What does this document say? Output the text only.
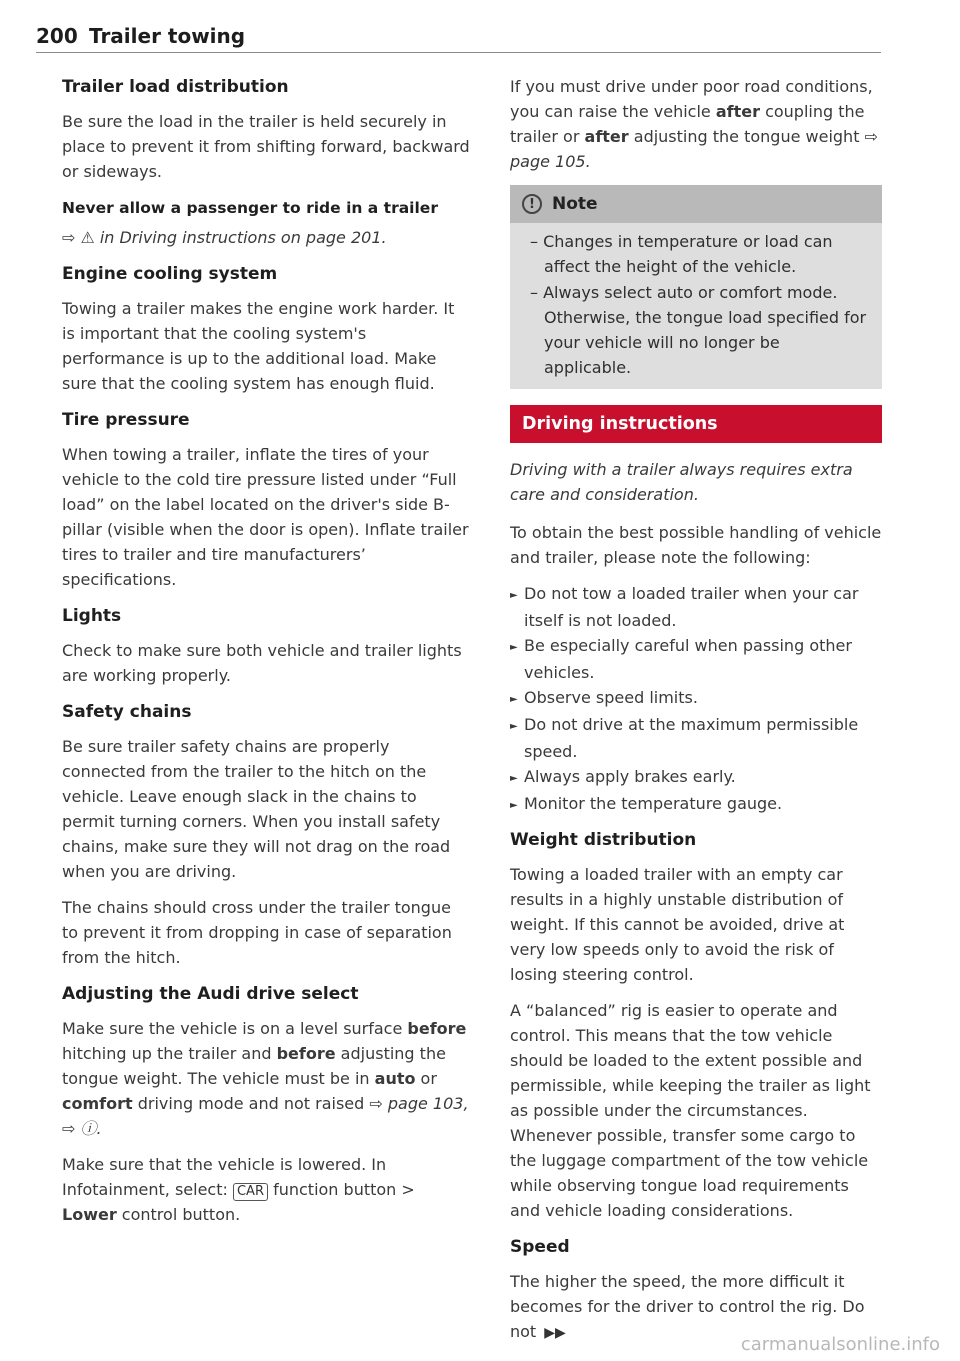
200 Trailer towing
Trailer load distribution

Be sure the load in the trailer is held securely in place to prevent it from shifting forward, backward or sideways.

Never allow a passenger to ride in a trailer

⇨ ⚠ in Driving instructions on page 201.

Engine cooling system

Towing a trailer makes the engine work harder. It is important that the cooling system's performance is up to the additional load. Make sure that the cooling system has enough fluid.

Tire pressure

When towing a trailer, inflate the tires of your vehicle to the cold tire pressure listed under “Full load” on the label located on the driver's side B-pillar (visible when the door is open). Inflate trailer tires to trailer and tire manufacturers’ specifications.

Lights

Check to make sure both vehicle and trailer lights are working properly.

Safety chains

Be sure trailer safety chains are properly connected from the trailer to the hitch on the vehicle. Leave enough slack in the chains to permit turning corners. When you install safety chains, make sure they will not drag on the road when you are driving.

The chains should cross under the trailer tongue to prevent it from dropping in case of separation from the hitch.

Adjusting the Audi drive select

Make sure the vehicle is on a level surface before hitching up the trailer and before adjusting the tongue weight. The vehicle must be in auto or comfort driving mode and not raised ⇨ page 103, ⇨ ⓘ.

Make sure that the vehicle is lowered. In Infotainment, select: CAR function button > Lower control button.

If you must drive under poor road conditions, you can raise the vehicle after coupling the trailer or after adjusting the tongue weight ⇨ page 105.

!	Note
– Changes in temperature or load can affect the height of the vehicle.
– Always select auto or comfort mode. Otherwise, the tongue load specified for your vehicle will no longer be applicable.
Driving instructions

Driving with a trailer always requires extra care and consideration.

To obtain the best possible handling of vehicle and trailer, please note the following:

► Do not tow a loaded trailer when your car itself is not loaded.
► Be especially careful when passing other vehicles.
► Observe speed limits.
► Do not drive at the maximum permissible speed.
► Always apply brakes early.
► Monitor the temperature gauge.
Weight distribution

Towing a loaded trailer with an empty car results in a highly unstable distribution of weight. If this cannot be avoided, drive at very low speeds only to avoid the risk of losing steering control.

A “balanced” rig is easier to operate and control. This means that the tow vehicle should be loaded to the extent possible and permissible, while keeping the trailer as light as possible under the circumstances. Whenever possible, transfer some cargo to the luggage compartment of the tow vehicle while observing tongue load requirements and vehicle loading considerations.

Speed

The higher the speed, the more difficult it becomes for the driver to control the rig. Do not ▶▶

carmanualsonline.info
